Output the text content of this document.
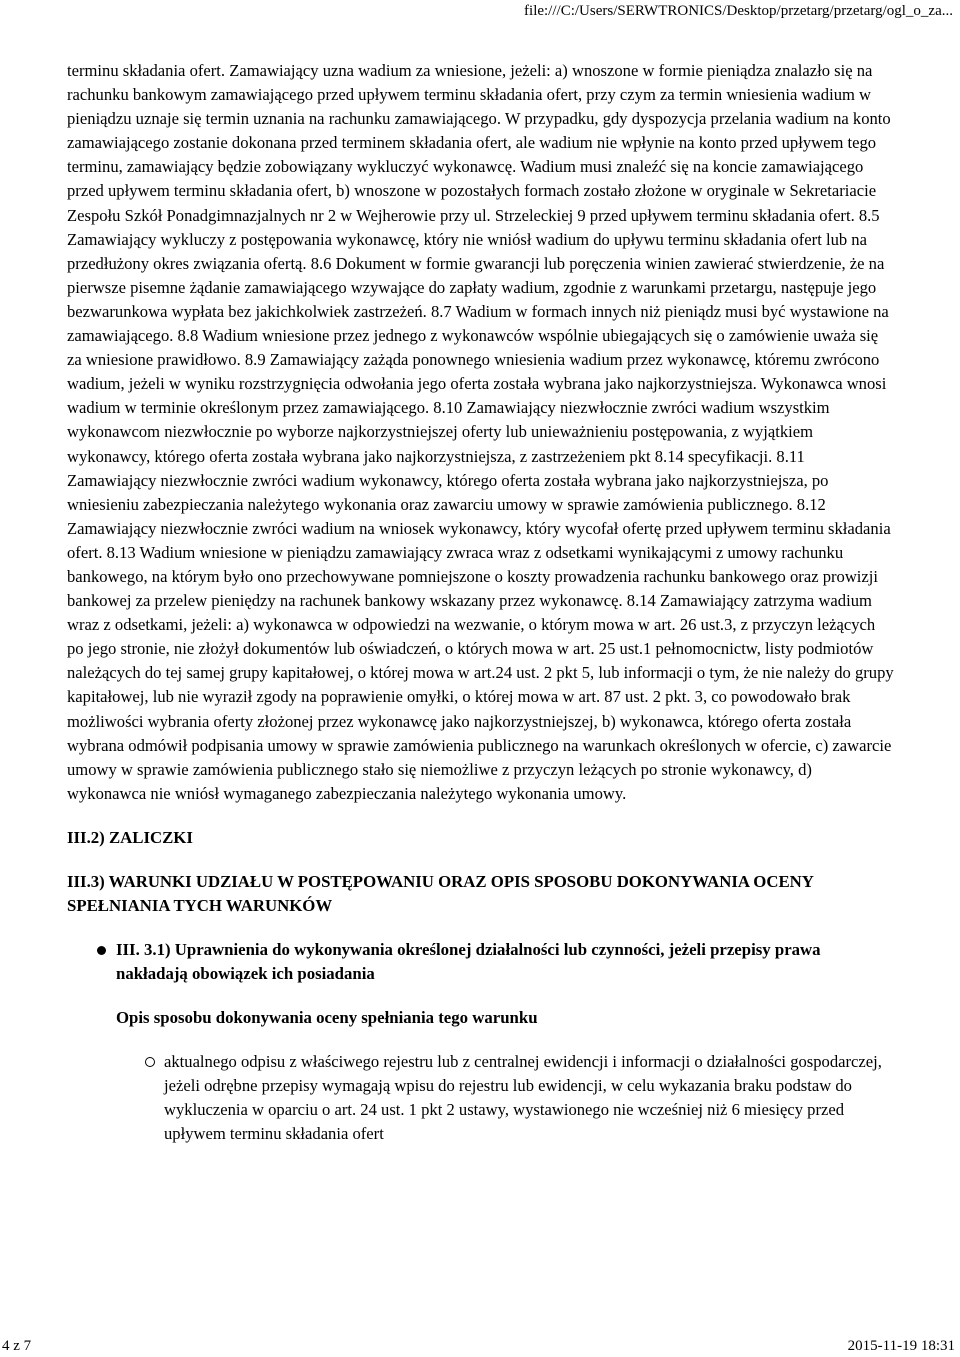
file:///C:/Users/SERWTRONICS/Desktop/przetarg/przetarg/ogl_o_za...

terminu składania ofert. Zamawiający uzna wadium za wniesione, jeżeli: a) wnoszone w formie pieniądza znalazło się na rachunku bankowym zamawiającego przed upływem terminu składania ofert, przy czym za termin wniesienia wadium w pieniądzu uznaje się termin uznania na rachunku zamawiającego. W przypadku, gdy dyspozycja przelania wadium na konto zamawiającego zostanie dokonana przed terminem składania ofert, ale wadium nie wpłynie na konto przed upływem tego terminu, zamawiający będzie zobowiązany wykluczyć wykonawcę. Wadium musi znaleźć się na koncie zamawiającego przed upływem terminu składania ofert, b) wnoszone w pozostałych formach zostało złożone w oryginale w Sekretariacie Zespołu Szkół Ponadgimnazjalnych nr 2 w Wejherowie przy ul. Strzeleckiej 9 przed upływem terminu składania ofert. 8.5 Zamawiający wykluczy z postępowania wykonawcę, który nie wniósł wadium do upływu terminu składania ofert lub na przedłużony okres związania ofertą. 8.6 Dokument w formie gwarancji lub poręczenia winien zawierać stwierdzenie, że na pierwsze pisemne żądanie zamawiającego wzywające do zapłaty wadium, zgodnie z warunkami przetargu, następuje jego bezwarunkowa wypłata bez jakichkolwiek zastrzeżeń. 8.7 Wadium w formach innych niż pieniądz musi być wystawione na zamawiającego. 8.8 Wadium wniesione przez jednego z wykonawców wspólnie ubiegających się o zamówienie uważa się za wniesione prawidłowo. 8.9 Zamawiający zażąda ponownego wniesienia wadium przez wykonawcę, któremu zwrócono wadium, jeżeli w wyniku rozstrzygnięcia odwołania jego oferta została wybrana jako najkorzystniejsza. Wykonawca wnosi wadium w terminie określonym przez zamawiającego. 8.10 Zamawiający niezwłocznie zwróci wadium wszystkim wykonawcom niezwłocznie po wyborze najkorzystniejszej oferty lub unieważnieniu postępowania, z wyjątkiem wykonawcy, którego oferta została wybrana jako najkorzystniejsza, z zastrzeżeniem pkt 8.14 specyfikacji. 8.11 Zamawiający niezwłocznie zwróci wadium wykonawcy, którego oferta została wybrana jako najkorzystniejsza, po wniesieniu zabezpieczania należytego wykonania oraz zawarciu umowy w sprawie zamówienia publicznego. 8.12 Zamawiający niezwłocznie zwróci wadium na wniosek wykonawcy, który wycofał ofertę przed upływem terminu składania ofert. 8.13 Wadium wniesione w pieniądzu zamawiający zwraca wraz z odsetkami wynikającymi z umowy rachunku bankowego, na którym było ono przechowywane pomniejszone o koszty prowadzenia rachunku bankowego oraz prowizji bankowej za przelew pieniędzy na rachunek bankowy wskazany przez wykonawcę. 8.14 Zamawiający zatrzyma wadium wraz z odsetkami, jeżeli: a) wykonawca w odpowiedzi na wezwanie, o którym mowa w art. 26 ust.3, z przyczyn leżących po jego stronie, nie złożył dokumentów lub oświadczeń, o których mowa w art. 25 ust.1 pełnomocnictw, listy podmiotów należących do tej samej grupy kapitałowej, o której mowa w art.24 ust. 2 pkt 5, lub informacji o tym, że nie należy do grupy kapitałowej, lub nie wyraził zgody na poprawienie omyłki, o której mowa w art. 87 ust. 2 pkt. 3, co powodowało brak możliwości wybrania oferty złożonej przez wykonawcę jako najkorzystniejszej, b) wykonawca, którego oferta została wybrana odmówił podpisania umowy w sprawie zamówienia publicznego na warunkach określonych w ofercie, c) zawarcie umowy w sprawie zamówienia publicznego stało się niemożliwe z przyczyn leżących po stronie wykonawcy, d) wykonawca nie wniósł wymaganego zabezpieczania należytego wykonania umowy.

III.2) ZALICZKI

III.3) WARUNKI UDZIAŁU W POSTĘPOWANIU ORAZ OPIS SPOSOBU DOKONYWANIA OCENY SPEŁNIANIA TYCH WARUNKÓW

III. 3.1) Uprawnienia do wykonywania określonej działalności lub czynności, jeżeli przepisy prawa nakładają obowiązek ich posiadania

Opis sposobu dokonywania oceny spełniania tego warunku

aktualnego odpisu z właściwego rejestru lub z centralnej ewidencji i informacji o działalności gospodarczej, jeżeli odrębne przepisy wymagają wpisu do rejestru lub ewidencji, w celu wykazania braku podstaw do wykluczenia w oparciu o art. 24 ust. 1 pkt 2 ustawy, wystawionego nie wcześniej niż 6 miesięcy przed upływem terminu składania ofert

4 z 7	2015-11-19 18:31
